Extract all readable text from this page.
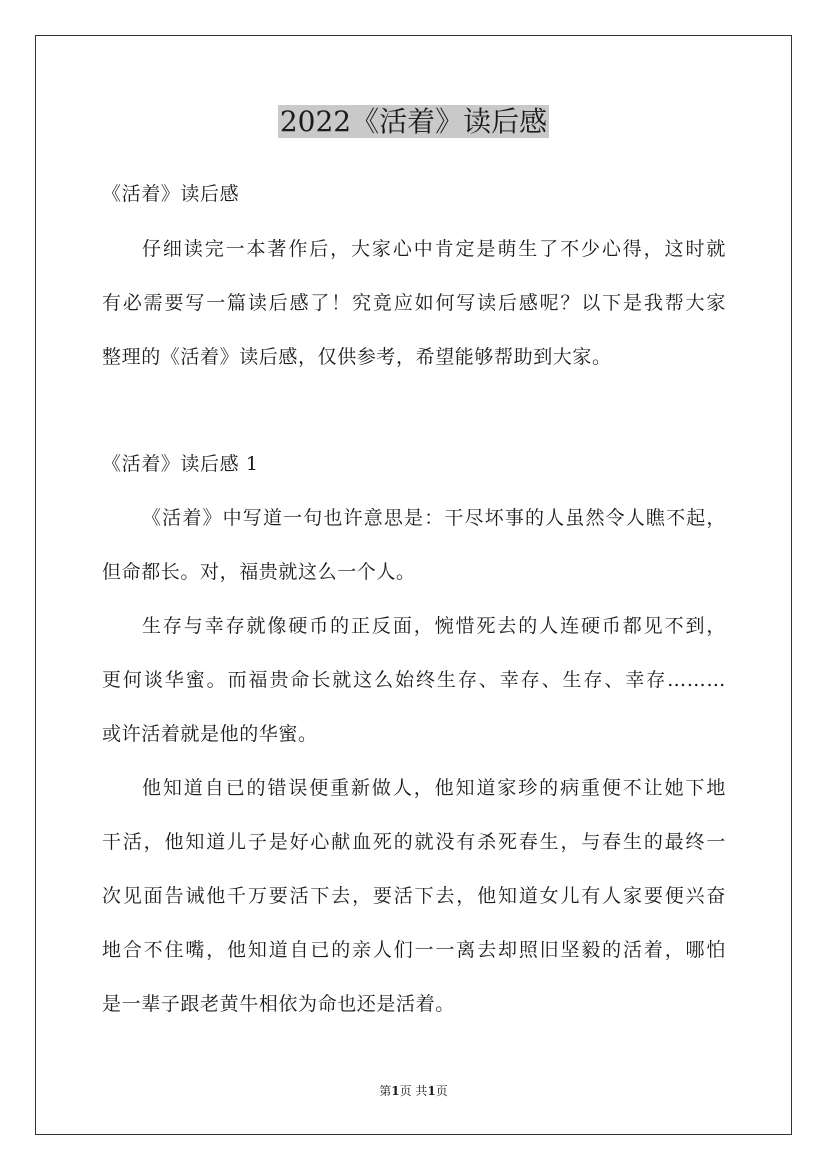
2022《活着》读后感
《活着》读后感
仔细读完一本著作后，大家心中肯定是萌生了不少心得，这时就
有必需要写一篇读后感了！究竟应如何写读后感呢？以下是我帮大家
整理的《活着》读后感，仅供参考，希望能够帮助到大家。
《活着》读后感 1
《活着》中写道一句也许意思是：干尽坏事的人虽然令人瞧不起，
但命都长。对，福贵就这么一个人。
生存与幸存就像硬币的正反面，惋惜死去的人连硬币都见不到，
更何谈华蜜。而福贵命长就这么始终生存、幸存、生存、幸存………
或许活着就是他的华蜜。
他知道自已的错误便重新做人，他知道家珍的病重便不让她下地
干活，他知道儿子是好心献血死的就没有杀死春生，与春生的最终一
次见面告诫他千万要活下去，要活下去，他知道女儿有人家要便兴奋
地合不住嘴，他知道自已的亲人们一一离去却照旧坚毅的活着，哪怕
是一辈子跟老黄牛相依为命也还是活着。
第1页 共1页
